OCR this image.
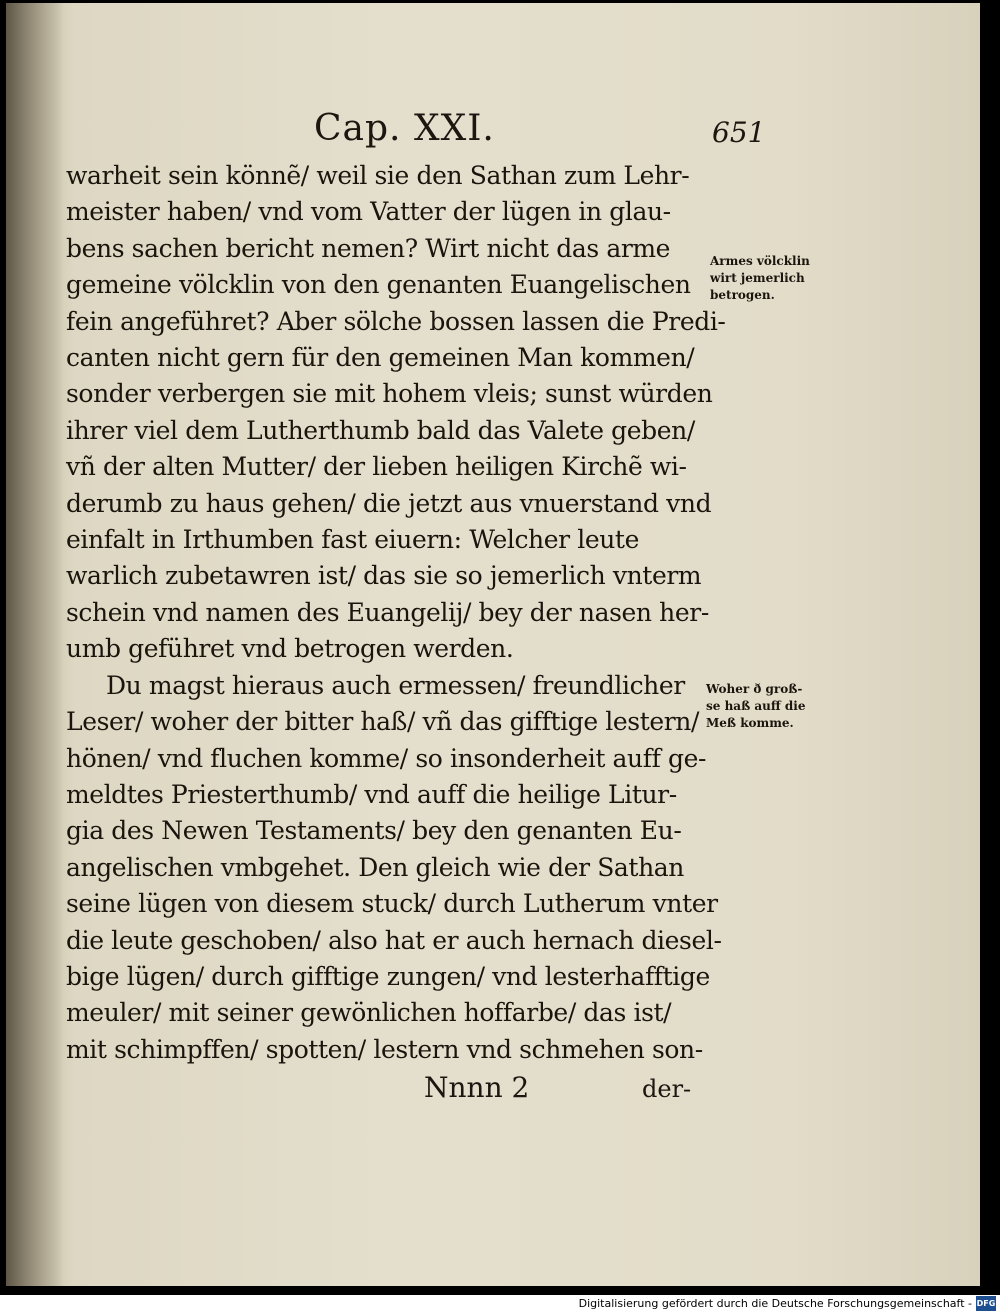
Cap. XXI.	651
warheit sein könnẽ/ weil sie den Sathan zum Lehr-
meister haben/ vnd vom Vatter der lügen in glau-
bens sachen bericht nemen? Wirt nicht das arme
gemeine völcklin von den genanten Euangelischen
fein angeführet? Aber sölche bossen lassen die Predi-
canten nicht gern für den gemeinen Man kommen/
sonder verbergen sie mit hohem vleis; sunst würden
ihrer viel dem Lutherthumb bald das Valete geben/
vñ der alten Mutter/ der lieben heiligen Kirchẽ wi-
derumb zu haus gehen/ die jetzt aus vnuerstand vnd
einfalt in Irthumben fast eiuern: Welcher leute
warlich zubetawren ist/ das sie so jemerlich vnterm
schein vnd namen des Euangelij/ bey der nasen her-
umb geführet vnd betrogen werden.
Du magst hieraus auch ermessen/ freundlicher
Leser/ woher der bitter haß/ vñ das gifftige lestern/
hönen/ vnd fluchen komme/ so insonderheit auff ge-
meldtes Priesterthumb/ vnd auff die heilige Litur-
gia des Newen Testaments/ bey den genanten Eu-
angelischen vmbgehet. Den gleich wie der Sathan
seine lügen von diesem stuck/ durch Lutherum vnter
die leute geschoben/ also hat er auch hernach diesel-
bige lügen/ durch gifftige zungen/ vnd lesterhafftige
meuler/ mit seiner gewönlichen hoffarbe/ das ist/
mit schimpffen/ spotten/ lestern vnd schmehen son-
Armes völcklin
wirt jemerlich
betrogen.
Woher ð groß-
se haß auff die
Meß komme.
Nnnn 2	der-
Digitalisierung gefördert durch die Deutsche Forschungsgemeinschaft - DFG
